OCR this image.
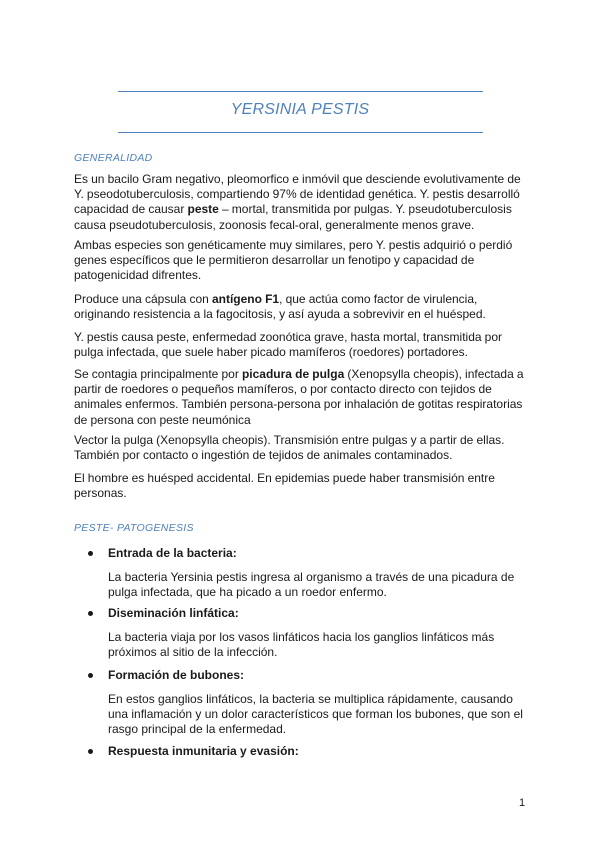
YERSINIA PESTIS
GENERALIDAD

Es un bacilo Gram negativo, pleomorfico e inmóvil que desciende evolutivamente de Y. pseodotuberculosis, compartiendo 97% de identidad genética. Y. pestis desarrolló capacidad de causar peste – mortal, transmitida por pulgas. Y. pseudotuberculosis causa pseudotuberculosis, zoonosis fecal-oral, generalmente menos grave.

Ambas especies son genéticamente muy similares, pero Y. pestis adquirió o perdió genes específicos que le permitieron desarrollar un fenotipo y capacidad de patogenicidad difrentes.

Produce una cápsula con antígeno F1, que actúa como factor de virulencia, originando resistencia a la fagocitosis, y así ayuda a sobrevivir en el huésped.

Y. pestis causa peste, enfermedad zoonótica grave, hasta mortal, transmitida por pulga infectada, que suele haber picado mamíferos (roedores) portadores.

Se contagia principalmente por picadura de pulga (Xenopsylla cheopis), infectada a partir de roedores o pequeños mamíferos, o por contacto directo con tejidos de animales enfermos. También persona-persona por inhalación de gotitas respiratorias de persona con peste neumónica

Vector la pulga (Xenopsylla cheopis). Transmisión entre pulgas y a partir de ellas. También por contacto o ingestión de tejidos de animales contaminados.

El hombre es huésped accidental. En epidemias puede haber transmisión entre personas.

PESTE- PATOGENESIS
Entrada de la bacteria:

La bacteria Yersinia pestis ingresa al organismo a través de una picadura de pulga infectada, que ha picado a un roedor enfermo.

Diseminación linfática:

La bacteria viaja por los vasos linfáticos hacia los ganglios linfáticos más próximos al sitio de la infección.

Formación de bubones:

En estos ganglios linfáticos, la bacteria se multiplica rápidamente, causando una inflamación y un dolor característicos que forman los bubones, que son el rasgo principal de la enfermedad.

Respuesta inmunitaria y evasión:
1
